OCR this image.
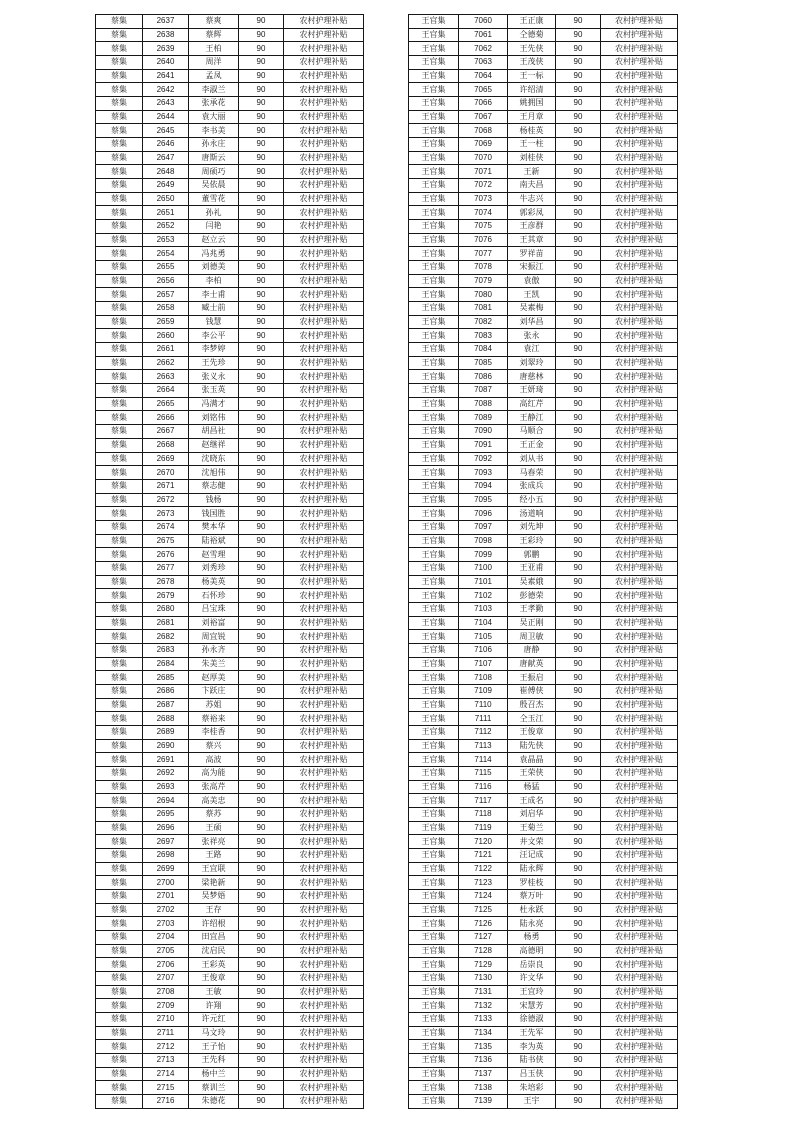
蔡集	2637	蔡爽	90	农村护理补贴
蔡集	2638	蔡辉	90	农村护理补贴
蔡集	2639	王柏	90	农村护理补贴
蔡集	2640	周洋	90	农村护理补贴
蔡集	2641	孟凤	90	农村护理补贴
蔡集	2642	李淑兰	90	农村护理补贴
蔡集	2643	张承花	90	农村护理补贴
蔡集	2644	袁大丽	90	农村护理补贴
蔡集	2645	李书美	90	农村护理补贴
蔡集	2646	孙永庄	90	农村护理补贴
蔡集	2647	唐斯云	90	农村护理补贴
蔡集	2648	周硕巧	90	农村护理补贴
蔡集	2649	吴依晨	90	农村护理补贴
蔡集	2650	董雪花	90	农村护理补贴
蔡集	2651	孙礼	90	农村护理补贴
蔡集	2652	闫艳	90	农村护理补贴
蔡集	2653	赵立云	90	农村护理补贴
蔡集	2654	冯兆勇	90	农村护理补贴
蔡集	2655	刘德美	90	农村护理补贴
蔡集	2656	李柏	90	农村护理补贴
蔡集	2657	李士甫	90	农村护理补贴
蔡集	2658	臧士前	90	农村护理补贴
蔡集	2659	钱慧	90	农村护理补贴
蔡集	2660	李公平	90	农村护理补贴
蔡集	2661	李梦婷	90	农村护理补贴
蔡集	2662	王先珍	90	农村护理补贴
蔡集	2663	张义永	90	农村护理补贴
蔡集	2664	张玉英	90	农村护理补贴
蔡集	2665	冯满才	90	农村护理补贴
蔡集	2666	刘铭伟	90	农村护理补贴
蔡集	2667	胡昌社	90	农村护理补贴
蔡集	2668	赵继祥	90	农村护理补贴
蔡集	2669	沈晓东	90	农村护理补贴
蔡集	2670	沈旭伟	90	农村护理补贴
蔡集	2671	蔡志健	90	农村护理补贴
蔡集	2672	钱杨	90	农村护理补贴
蔡集	2673	钱国胜	90	农村护理补贴
蔡集	2674	樊本华	90	农村护理补贴
蔡集	2675	陆裕斌	90	农村护理补贴
蔡集	2676	赵雪理	90	农村护理补贴
蔡集	2677	刘秀珍	90	农村护理补贴
蔡集	2678	杨美英	90	农村护理补贴
蔡集	2679	石怀珍	90	农村护理补贴
蔡集	2680	吕宝珠	90	农村护理补贴
蔡集	2681	刘裕富	90	农村护理补贴
蔡集	2682	周宜锐	90	农村护理补贴
蔡集	2683	孙永齐	90	农村护理补贴
蔡集	2684	朱美兰	90	农村护理补贴
蔡集	2685	赵厚美	90	农村护理补贴
蔡集	2686	卞跃庄	90	农村护理补贴
蔡集	2687	苏姐	90	农村护理补贴
蔡集	2688	蔡裕来	90	农村护理补贴
蔡集	2689	李桂香	90	农村护理补贴
蔡集	2690	蔡兴	90	农村护理补贴
蔡集	2691	高波	90	农村护理补贴
蔡集	2692	高为能	90	农村护理补贴
蔡集	2693	张高芹	90	农村护理补贴
蔡集	2694	高美忠	90	农村护理补贴
蔡集	2695	蔡苏	90	农村护理补贴
蔡集	2696	王硕	90	农村护理补贴
蔡集	2697	张祥亮	90	农村护理补贴
蔡集	2698	王路	90	农村护理补贴
蔡集	2699	王宜联	90	农村护理补贴
蔡集	2700	梁艳新	90	农村护理补贴
蔡集	2701	吴梦娪	90	农村护理补贴
蔡集	2702	王存	90	农村护理补贴
蔡集	2703	许绍根	90	农村护理补贴
蔡集	2704	田宜昌	90	农村护理补贴
蔡集	2705	沈启民	90	农村护理补贴
蔡集	2706	王彩英	90	农村护理补贴
蔡集	2707	王俊章	90	农村护理补贴
蔡集	2708	王敏	90	农村护理补贴
蔡集	2709	许翔	90	农村护理补贴
蔡集	2710	许元红	90	农村护理补贴
蔡集	2711	马文玲	90	农村护理补贴
蔡集	2712	王子怡	90	农村护理补贴
蔡集	2713	王先科	90	农村护理补贴
蔡集	2714	杨中兰	90	农村护理补贴
蔡集	2715	蔡训兰	90	农村护理补贴
蔡集	2716	朱德花	90	农村护理补贴
王官集	7060	王正康	90	农村护理补贴
王官集	7061	仝德菊	90	农村护理补贴
王官集	7062	王先侠	90	农村护理补贴
王官集	7063	王茂侠	90	农村护理补贴
王官集	7064	王一标	90	农村护理补贴
王官集	7065	许绍清	90	农村护理补贴
王官集	7066	姚拥国	90	农村护理补贴
王官集	7067	王月章	90	农村护理补贴
王官集	7068	杨桂英	90	农村护理补贴
王官集	7069	王一柱	90	农村护理补贴
王官集	7070	刘桂侠	90	农村护理补贴
王官集	7071	王新	90	农村护理补贴
王官集	7072	南夫昌	90	农村护理补贴
王官集	7073	牛志兴	90	农村护理补贴
王官集	7074	郭彩凤	90	农村护理补贴
王官集	7075	王彦群	90	农村护理补贴
王官集	7076	王其章	90	农村护理补贴
王官集	7077	罗祥苗	90	农村护理补贴
王官集	7078	宋振江	90	农村护理补贴
王官集	7079	袁傲	90	农村护理补贴
王官集	7080	王凯	90	农村护理补贴
王官集	7081	吴素梅	90	农村护理补贴
王官集	7082	刘华昌	90	农村护理补贴
王官集	7083	张永	90	农村护理补贴
王官集	7084	袁江	90	农村护理补贴
王官集	7085	刘翠玲	90	农村护理补贴
王官集	7086	唐慈林	90	农村护理补贴
王官集	7087	王妍琦	90	农村护理补贴
王官集	7088	高红芹	90	农村护理补贴
王官集	7089	王静江	90	农村护理补贴
王官集	7090	马顺合	90	农村护理补贴
王官集	7091	王正金	90	农村护理补贴
王官集	7092	刘从书	90	农村护理补贴
王官集	7093	马春荣	90	农村护理补贴
王官集	7094	张成兵	90	农村护理补贴
王官集	7095	经小五	90	农村护理补贴
王官集	7096	汤道响	90	农村护理补贴
王官集	7097	刘先坤	90	农村护理补贴
王官集	7098	王彩玲	90	农村护理补贴
王官集	7099	郭鹏	90	农村护理补贴
王官集	7100	王亚甫	90	农村护理补贴
王官集	7101	吴素娥	90	农村护理补贴
王官集	7102	彭德荣	90	农村护理补贴
王官集	7103	王孝勤	90	农村护理补贴
王官集	7104	吴正刚	90	农村护理补贴
王官集	7105	周卫敏	90	农村护理补贴
王官集	7106	唐静	90	农村护理补贴
王官集	7107	唐献英	90	农村护理补贴
王官集	7108	王振启	90	农村护理补贴
王官集	7109	崔傅侠	90	农村护理补贴
王官集	7110	殷召杰	90	农村护理补贴
王官集	7111	仝玉江	90	农村护理补贴
王官集	7112	王俊章	90	农村护理补贴
王官集	7113	陆先侠	90	农村护理补贴
王官集	7114	袁晶晶	90	农村护理补贴
王官集	7115	王荣侠	90	农村护理补贴
王官集	7116	杨猛	90	农村护理补贴
王官集	7117	王成名	90	农村护理补贴
王官集	7118	刘启华	90	农村护理补贴
王官集	7119	王菊兰	90	农村护理补贴
王官集	7120	井文荣	90	农村护理补贴
王官集	7121	汪记成	90	农村护理补贴
王官集	7122	陆永辉	90	农村护理补贴
王官集	7123	罗桂枝	90	农村护理补贴
王官集	7124	蔡万叶	90	农村护理补贴
王官集	7125	杜永跃	90	农村护理补贴
王官集	7126	陆永亮	90	农村护理补贴
王官集	7127	杨勇	90	农村护理补贴
王官集	7128	高德明	90	农村护理补贴
王官集	7129	岳崇良	90	农村护理补贴
王官集	7130	许文华	90	农村护理补贴
王官集	7131	王宜玲	90	农村护理补贴
王官集	7132	宋慧芳	90	农村护理补贴
王官集	7133	徐德淑	90	农村护理补贴
王官集	7134	王先军	90	农村护理补贴
王官集	7135	李为英	90	农村护理补贴
王官集	7136	陆书侠	90	农村护理补贴
王官集	7137	吕玉侠	90	农村护理补贴
王官集	7138	朱培彩	90	农村护理补贴
王官集	7139	王宇	90	农村护理补贴
